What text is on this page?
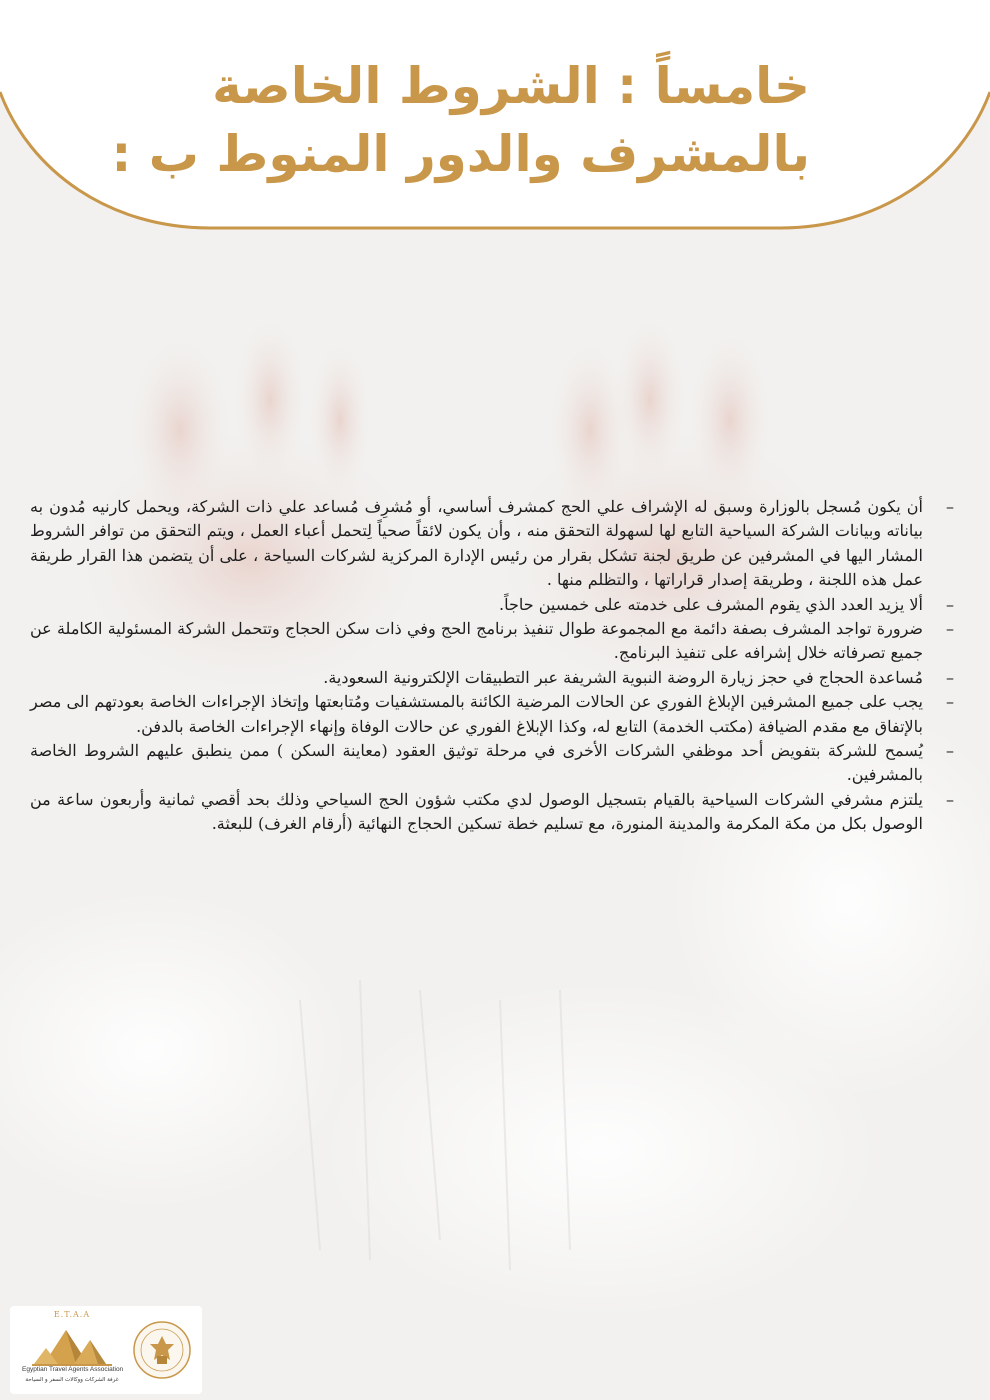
خامساً : الشروط الخاصة
بالمشرف والدور المنوط ب :

–
أن يكون مُسجل بالوزارة وسبق له الإشراف علي الحج كمشرف أساسي، أو مُشرِف مُساعد علي ذات الشركة، ويحمل كارنيه مُدون به بياناته وبيانات الشركة السياحية التابع لها لسهولة التحقق منه ، وأن يكون لائقاً صحياً لِتحمل أعباء العمل ، ويتم التحقق من توافر الشروط المشار اليها في المشرفين عن طريق لجنة تشكل بقرار من رئيس الإدارة المركزية لشركات السياحة ، على أن يتضمن هذا القرار طريقة عمل هذه اللجنة ، وطريقة إصدار قراراتها ، والتظلم منها .

–
ألا يزيد العدد الذي يقوم المشرف على خدمته على خمسين حاجاً.

–
ضرورة تواجد المشرف بصفة دائمة مع المجموعة طوال تنفيذ برنامج الحج وفي ذات سكن الحجاج وتتحمل الشركة المسئولية الكاملة عن جميع تصرفاته خلال إشرافه على تنفيذ البرنامج.

–
مُساعدة الحجاج في حجز زيارة الروضة النبوية الشريفة عبر التطبيقات الإلكترونية السعودية.

–
يجب على جميع المشرفين الإبلاغ الفوري عن الحالات المرضية الكائنة بالمستشفيات ومُتابعتها وإتخاذ الإجراءات الخاصة بعودتهم الى مصر بالإتفاق مع مقدم الضيافة (مكتب الخدمة) التابع له، وكذا الإبلاغ الفوري عن حالات الوفاة وإنهاء الإجراءات الخاصة بالدفن.

–
يُسمح للشركة بتفويض أحد موظفي الشركات الأخرى في مرحلة توثيق العقود (معاينة السكن ) ممن ينطبق عليهم الشروط الخاصة بالمشرفين.

–
يلتزم مشرفي الشركات السياحية بالقيام بتسجيل الوصول لدي مكتب شؤون الحج السياحي وذلك بحد أقصي ثمانية وأربعون ساعة من الوصول بكل من مكة المكرمة والمدينة المنورة، مع تسليم خطة تسكين الحجاج النهائية (أرقام الغرف) للبعثة.

E.T.A.A
Egyptian Travel Agents Association
غرفة الشركات ووكالات السفر و السياحة
